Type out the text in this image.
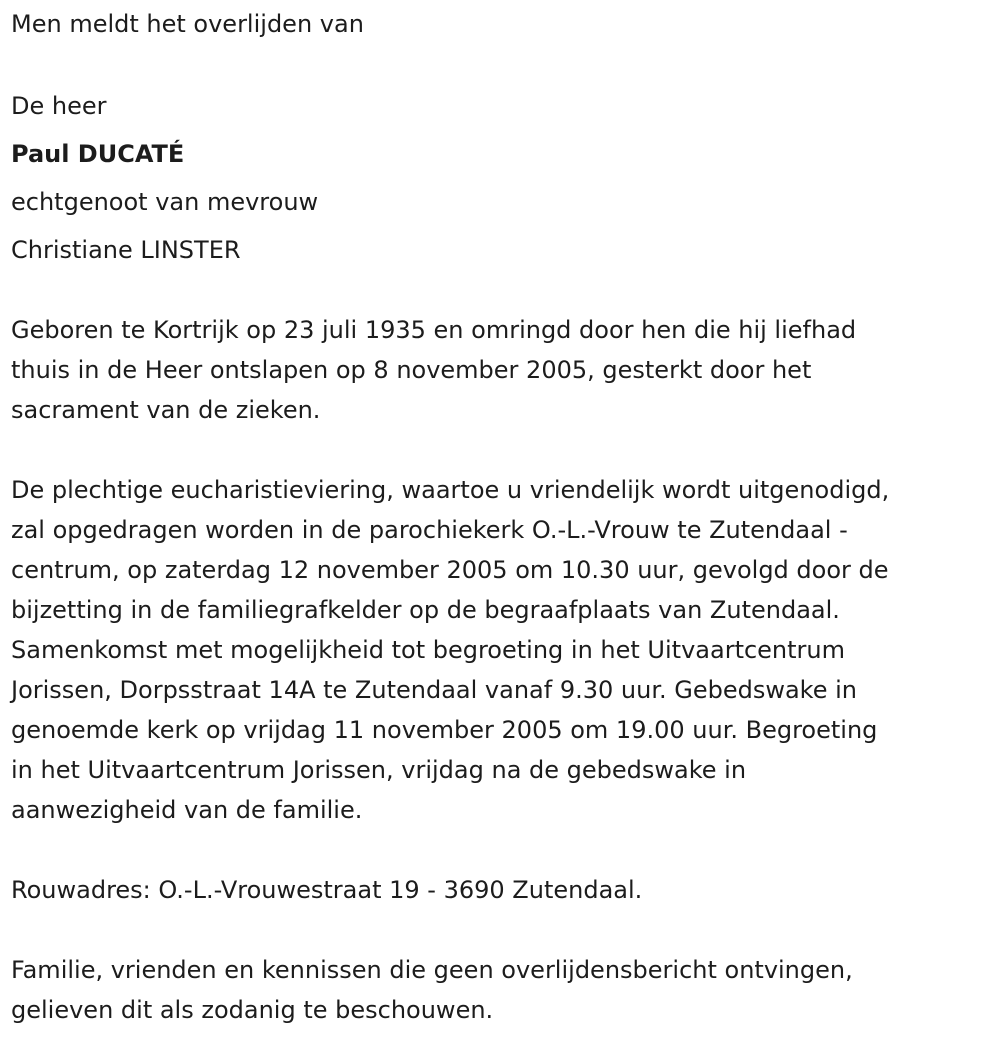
Men meldt het overlijden van

De heer

Paul DUCATÉ

echtgenoot van mevrouw

Christiane LINSTER

Geboren te Kortrijk op 23 juli 1935 en omringd door hen die hij liefhad

thuis in de Heer ontslapen op 8 november 2005, gesterkt door het

sacrament van de zieken.

De plechtige eucharistieviering, waartoe u vriendelijk wordt uitgenodigd,

zal opgedragen worden in de parochiekerk O.-L.-Vrouw te Zutendaal -

centrum, op zaterdag 12 november 2005 om 10.30 uur, gevolgd door de

bijzetting in de familiegrafkelder op de begraafplaats van Zutendaal.

Samenkomst met mogelijkheid tot begroeting in het Uitvaartcentrum

Jorissen, Dorpsstraat 14A te Zutendaal vanaf 9.30 uur. Gebedswake in

genoemde kerk op vrijdag 11 november 2005 om 19.00 uur. Begroeting

in het Uitvaartcentrum Jorissen, vrijdag na de gebedswake in

aanwezigheid van de familie.

Rouwadres: O.-L.-Vrouwestraat 19 - 3690 Zutendaal.

Familie, vrienden en kennissen die geen overlijdensbericht ontvingen,

gelieven dit als zodanig te beschouwen.
